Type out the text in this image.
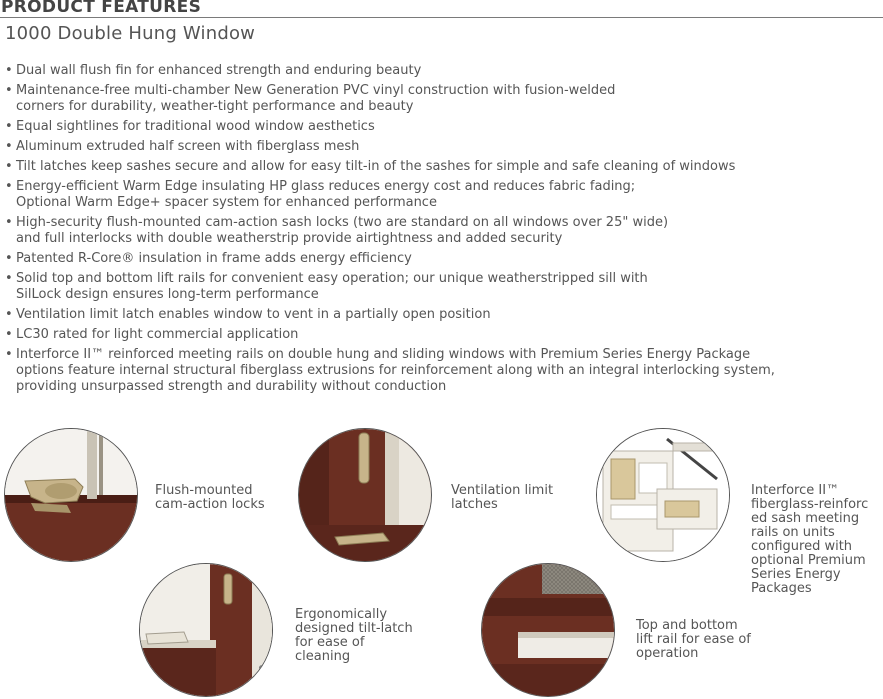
PRODUCT FEATURES
1000 Double Hung Window
• Dual wall flush fin for enhanced strength and enduring beauty
• Maintenance-free multi-chamber New Generation PVC vinyl construction with fusion-welded
corners for durability, weather-tight performance and beauty
• Equal sightlines for traditional wood window aesthetics
• Aluminum extruded half screen with fiberglass mesh
• Tilt latches keep sashes secure and allow for easy tilt-in of the sashes for simple and safe cleaning of windows
• Energy-efficient Warm Edge insulating HP glass reduces energy cost and reduces fabric fading;
Optional Warm Edge+ spacer system for enhanced performance
• High-security flush-mounted cam-action sash locks (two are standard on all windows over 25" wide)
and full interlocks with double weatherstrip provide airtightness and added security
• Patented R-Core® insulation in frame adds energy efficiency
• Solid top and bottom lift rails for convenient easy operation; our unique weatherstripped sill with
SilLock design ensures long-term performance
• Ventilation limit latch enables window to vent in a partially open position
• LC30 rated for light commercial application
• Interforce II™ reinforced meeting rails on double hung and sliding windows with Premium Series Energy Package
options feature internal structural fiberglass extrusions for reinforcement along with an integral interlocking system,
providing unsurpassed strength and durability without conduction

Flush-mounted
cam-action locks

Ventilation limit
latches

Interforce II™
fiberglass-reinforc
ed sash meeting
rails on units
configured with
optional Premium
Series Energy
Packages

Ergonomically
designed tilt-latch
for ease of
cleaning

Top and bottom
lift rail for ease of
operation
